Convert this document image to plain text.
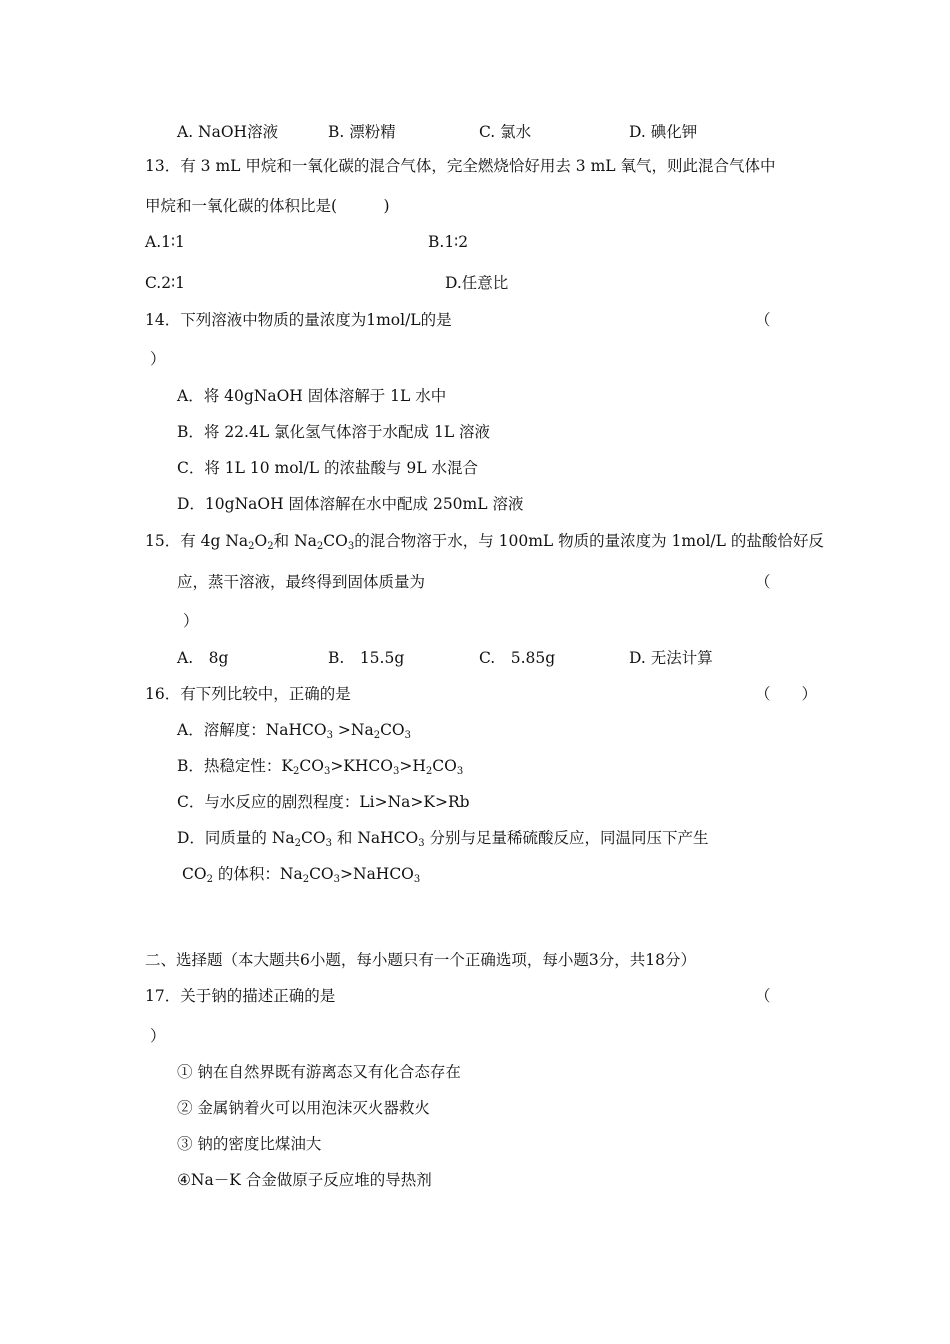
A. NaOH溶液	B. 漂粉精	C. 氯水	D. 碘化钾
13．有 3 mL 甲烷和一氧化碳的混合气体，完全燃烧恰好用去 3 mL 氧气，则此混合气体中
甲烷和一氧化碳的体积比是(　　　)
A.1∶1	B.1∶2
C.2∶1	D.任意比
14．下列溶液中物质的量浓度为1mol/L的是	（
）
A．将 40gNaOH 固体溶解于 1L 水中
B．将 22.4L 氯化氢气体溶于水配成 1L 溶液
C．将 1L 10 mol/L 的浓盐酸与 9L 水混合
D．10gNaOH 固体溶解在水中配成 250mL 溶液
15．有 4g $Na_2O_2$和 $Na_2CO_3$的混合物溶于水，与 100mL 物质的量浓度为 1mol/L 的盐酸恰好反
应，蒸干溶液，最终得到固体质量为	（
）
A.　8g	B.　15.5g	C.　5.85g	D. 无法计算
16．有下列比较中，正确的是	（　　）
A．溶解度：NaHCO$_3$ $>Na_2CO_3$
B．热稳定性：$K_2CO_3>KHCO_3>H_2CO_3$
C．与水反应的剧烈程度：Li>Na>K>Rb
D．同质量的 $Na_2CO_3$ 和 NaHCO$_3$ 分别与足量稀硫酸反应，同温同压下产生
$CO_2$ 的体积：$Na_2CO_3>NaHCO_3$
二、选择题（本大题共6小题，每小题只有一个正确选项，每小题3分，共18分）
17．关于钠的描述正确的是	（
）
① 钠在自然界既有游离态又有化合态存在
② 金属钠着火可以用泡沫灭火器救火
③ 钠的密度比煤油大
④Na－K 合金做原子反应堆的导热剂
